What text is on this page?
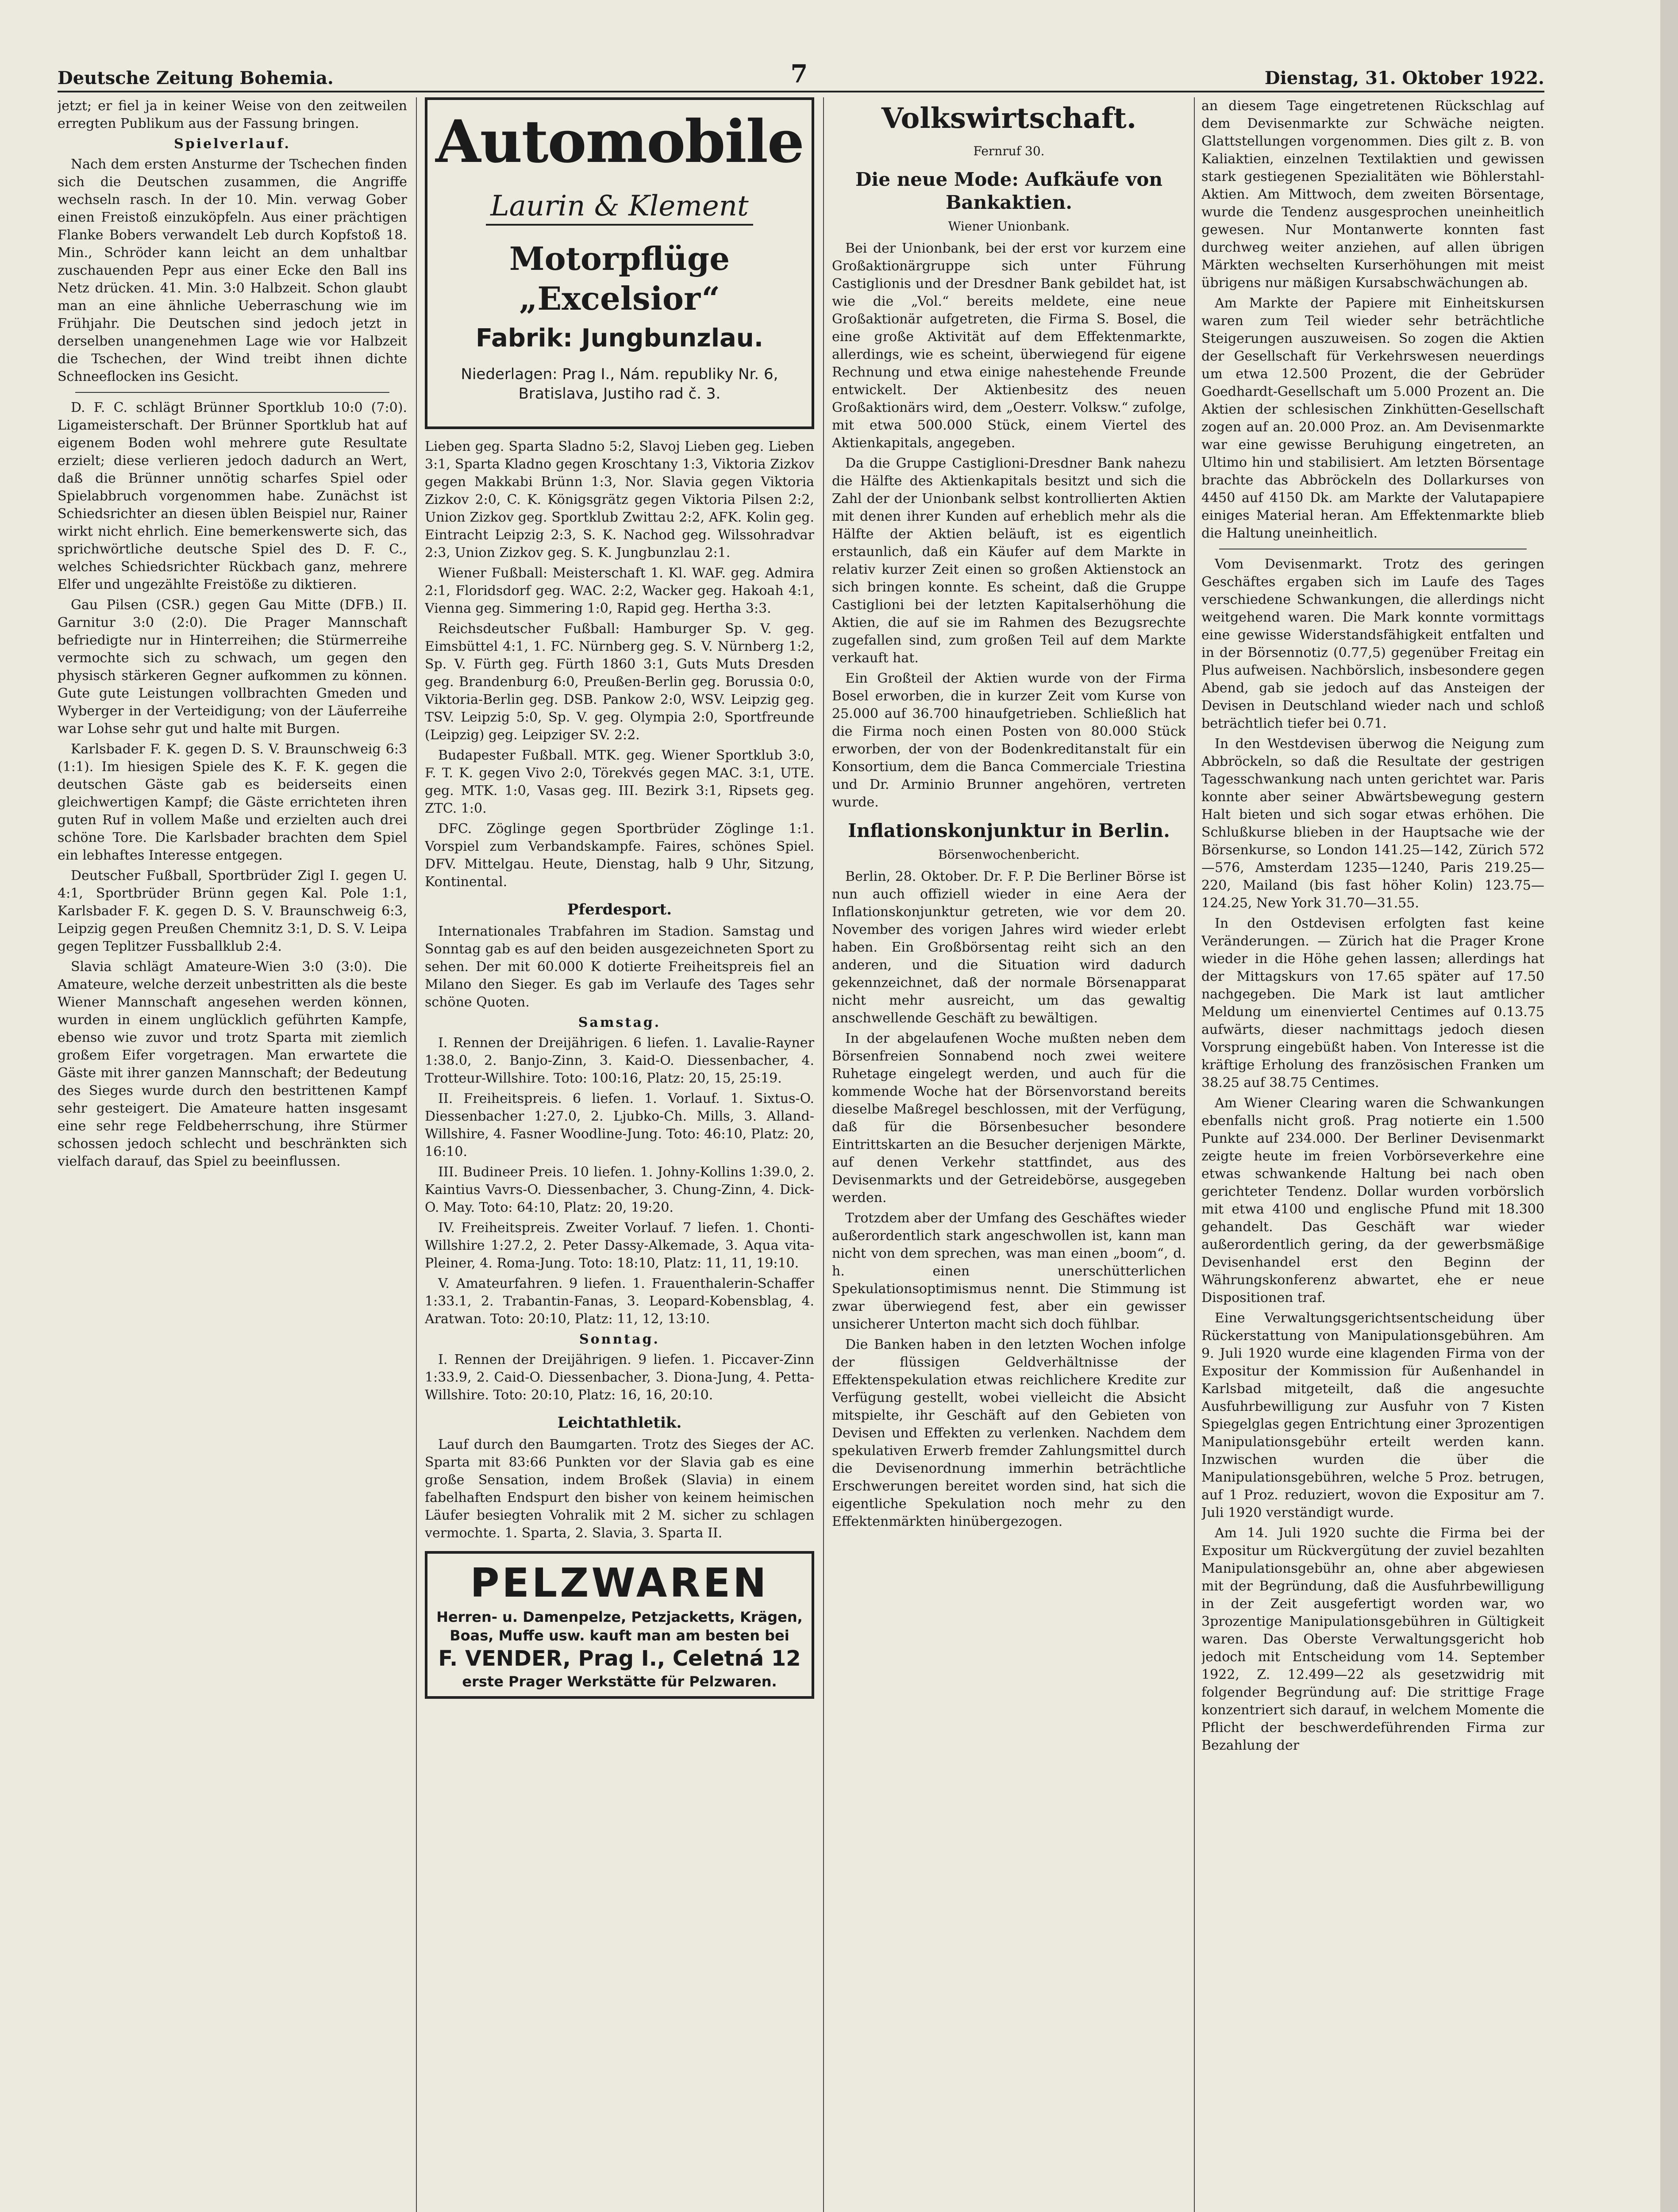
Deutsche Zeitung Bohemia.	7	Dienstag, 31. Oktober 1922.

jetzt; er fiel ja in keiner Weise von den zeitweilen erregten Publikum aus der Fassung bringen.

Spielverlauf.

Nach dem ersten Ansturme der Tschechen finden sich die Deutschen zusammen, die Angriffe wechseln rasch. In der 10. Min. verwag Gober einen Freistoß einzuköpfeln. Aus einer prächtigen Flanke Bobers verwandelt Leb durch Kopfstoß 18. Min., Schröder kann leicht an dem unhaltbar zuschauenden Pepr aus einer Ecke den Ball ins Netz drücken. 41. Min. 3:0 Halbzeit. Schon glaubt man an eine ähnliche Ueberraschung wie im Frühjahr. Die Deutschen sind jedoch jetzt in derselben unangenehmen Lage wie vor Halbzeit die Tschechen, der Wind treibt ihnen dichte Schneeflocken ins Gesicht.

D. F. C. schlägt Brünner Sportklub 10:0 (7:0). Ligameisterschaft. Der Brünner Sportklub hat auf eigenem Boden wohl mehrere gute Resultate erzielt; diese verlieren jedoch dadurch an Wert, daß die Brünner unnötig scharfes Spiel oder Spielabbruch vorgenommen habe. Zunächst ist Schiedsrichter an diesen üblen Beispiel nur, Rainer wirkt nicht ehrlich. Eine bemerkenswerte sich, das sprichwörtliche deutsche Spiel des D. F. C., welches Schiedsrichter Rückbach ganz, mehrere Elfer und ungezählte Freistöße zu diktieren.

Gau Pilsen (CSR.) gegen Gau Mitte (DFB.) II. Garnitur 3:0 (2:0). Die Prager Mannschaft befriedigte nur in Hinterreihen; die Stürmerreihe vermochte sich zu schwach, um gegen den physisch stärkeren Gegner aufkommen zu können. Gute gute Leistungen vollbrachten Gmeden und Wyberger in der Verteidigung; von der Läuferreihe war Lohse sehr gut und halte mit Burgen.

Karlsbader F. K. gegen D. S. V. Braunschweig 6:3 (1:1). Im hiesigen Spiele des K. F. K. gegen die deutschen Gäste gab es beiderseits einen gleichwertigen Kampf; die Gäste errichteten ihren guten Ruf in vollem Maße und erzielten auch drei schöne Tore. Die Karlsbader brachten dem Spiel ein lebhaftes Interesse entgegen.

Deutscher Fußball, Sportbrüder Zigl I. gegen U. 4:1, Sportbrüder Brünn gegen Kal. Pole 1:1, Karlsbader F. K. gegen D. S. V. Braunschweig 6:3, Leipzig gegen Preußen Chemnitz 3:1, D. S. V. Leipa gegen Teplitzer Fussballklub 2:4.

Slavia schlägt Amateure-Wien 3:0 (3:0). Die Amateure, welche derzeit unbestritten als die beste Wiener Mannschaft angesehen werden können, wurden in einem unglücklich geführten Kampfe, ebenso wie zuvor und trotz Sparta mit ziemlich großem Eifer vorgetragen. Man erwartete die Gäste mit ihrer ganzen Mannschaft; der Bedeutung des Sieges wurde durch den bestrittenen Kampf sehr gesteigert. Die Amateure hatten insgesamt eine sehr rege Feldbeherrschung, ihre Stürmer schossen jedoch schlecht und beschränkten sich vielfach darauf, das Spiel zu beeinflussen.

Automobile
Laurin & Klement
Motorpflüge „Excelsior“
Fabrik: Jungbunzlau.
Niederlagen: Prag I., Nám. republiky Nr. 6, Bratislava, Justiho rad č. 3.

Lieben geg. Sparta Sladno 5:2, Slavoj Lieben geg. Lieben 3:1, Sparta Kladno gegen Kroschtany 1:3, Viktoria Zizkov gegen Makkabi Brünn 1:3, Nor. Slavia gegen Viktoria Zizkov 2:0, C. K. Königsgrätz gegen Viktoria Pilsen 2:2, Union Zizkov geg. Sportklub Zwittau 2:2, AFK. Kolin geg. Eintracht Leipzig 2:3, S. K. Nachod geg. Wilssohradvar 2:3, Union Zizkov geg. S. K. Jungbunzlau 2:1.

Wiener Fußball: Meisterschaft 1. Kl. WAF. geg. Admira 2:1, Floridsdorf geg. WAC. 2:2, Wacker geg. Hakoah 4:1, Vienna geg. Simmering 1:0, Rapid geg. Hertha 3:3.

Reichsdeutscher Fußball: Hamburger Sp. V. geg. Eimsbüttel 4:1, 1. FC. Nürnberg geg. S. V. Nürnberg 1:2, Sp. V. Fürth geg. Fürth 1860 3:1, Guts Muts Dresden geg. Brandenburg 6:0, Preußen-Berlin geg. Borussia 0:0, Viktoria-Berlin geg. DSB. Pankow 2:0, WSV. Leipzig geg. TSV. Leipzig 5:0, Sp. V. geg. Olympia 2:0, Sportfreunde (Leipzig) geg. Leipziger SV. 2:2.

Budapester Fußball. MTK. geg. Wiener Sportklub 3:0, F. T. K. gegen Vivo 2:0, Törekvés gegen MAC. 3:1, UTE. geg. MTK. 1:0, Vasas geg. III. Bezirk 3:1, Ripsets geg. ZTC. 1:0.

DFC. Zöglinge gegen Sportbrüder Zöglinge 1:1. Vorspiel zum Verbandskampfe. Faires, schönes Spiel. DFV. Mittelgau. Heute, Dienstag, halb 9 Uhr, Sitzung, Kontinental.

Pferdesport.

Internationales Trabfahren im Stadion. Samstag und Sonntag gab es auf den beiden ausgezeichneten Sport zu sehen. Der mit 60.000 K dotierte Freiheitspreis fiel an Milano den Sieger. Es gab im Verlaufe des Tages sehr schöne Quoten.

Samstag.

I. Rennen der Dreijährigen. 6 liefen. 1. Lavalie-Rayner 1:38.0, 2. Banjo-Zinn, 3. Kaid-O. Diessenbacher, 4. Trotteur-Willshire. Toto: 100:16, Platz: 20, 15, 25:19.

II. Freiheitspreis. 6 liefen. 1. Vorlauf. 1. Sixtus-O. Diessenbacher 1:27.0, 2. Ljubko-Ch. Mills, 3. Alland-Willshire, 4. Fasner Woodline-Jung. Toto: 46:10, Platz: 20, 16:10.

III. Budineer Preis. 10 liefen. 1. Johny-Kollins 1:39.0, 2. Kaintius Vavrs-O. Diessenbacher, 3. Chung-Zinn, 4. Dick-O. May. Toto: 64:10, Platz: 20, 19:20.

IV. Freiheitspreis. Zweiter Vorlauf. 7 liefen. 1. Chonti-Willshire 1:27.2, 2. Peter Dassy-Alkemade, 3. Aqua vita-Pleiner, 4. Roma-Jung. Toto: 18:10, Platz: 11, 11, 19:10.

V. Amateurfahren. 9 liefen. 1. Frauenthalerin-Schaffer 1:33.1, 2. Trabantin-Fanas, 3. Leopard-Kobensblag, 4. Aratwan. Toto: 20:10, Platz: 11, 12, 13:10.

Sonntag.

I. Rennen der Dreijährigen. 9 liefen. 1. Piccaver-Zinn 1:33.9, 2. Caid-O. Diessenbacher, 3. Diona-Jung, 4. Petta-Willshire. Toto: 20:10, Platz: 16, 16, 20:10.

Leichtathletik.

Lauf durch den Baumgarten. Trotz des Sieges der AC. Sparta mit 83:66 Punkten vor der Slavia gab es eine große Sensation, indem Broßek (Slavia) in einem fabelhaften Endspurt den bisher von keinem heimischen Läufer besiegten Vohralik mit 2 M. sicher zu schlagen vermochte. 1. Sparta, 2. Slavia, 3. Sparta II.

PELZWAREN
Herren- u. Damenpelze, Petzjacketts, Krägen, Boas, Muffe usw. kauft man am besten bei
F. VENDER, Prag I., Celetná 12
erste Prager Werkstätte für Pelzwaren.
Volkswirtschaft.

Fernruf 30.

Die neue Mode: Aufkäufe von Bankaktien.

Wiener Unionbank.

Bei der Unionbank, bei der erst vor kurzem eine Großaktionärgruppe sich unter Führung Castiglionis und der Dresdner Bank gebildet hat, ist wie die „Vol.“ bereits meldete, eine neue Großaktionär aufgetreten, die Firma S. Bosel, die eine große Aktivität auf dem Effektenmarkte, allerdings, wie es scheint, überwiegend für eigene Rechnung und etwa einige nahestehende Freunde entwickelt. Der Aktienbesitz des neuen Großaktionärs wird, dem „Oesterr. Volksw.“ zufolge, mit etwa 500.000 Stück, einem Viertel des Aktienkapitals, angegeben.

Da die Gruppe Castiglioni-Dresdner Bank nahezu die Hälfte des Aktienkapitals besitzt und sich die Zahl der der Unionbank selbst kontrollierten Aktien mit denen ihrer Kunden auf erheblich mehr als die Hälfte der Aktien beläuft, ist es eigentlich erstaunlich, daß ein Käufer auf dem Markte in relativ kurzer Zeit einen so großen Aktienstock an sich bringen konnte. Es scheint, daß die Gruppe Castiglioni bei der letzten Kapitalserhöhung die Aktien, die auf sie im Rahmen des Bezugsrechte zugefallen sind, zum großen Teil auf dem Markte verkauft hat.

Ein Großteil der Aktien wurde von der Firma Bosel erworben, die in kurzer Zeit vom Kurse von 25.000 auf 36.700 hinaufgetrieben. Schließlich hat die Firma noch einen Posten von 80.000 Stück erworben, der von der Bodenkreditanstalt für ein Konsortium, dem die Banca Commerciale Triestina und Dr. Arminio Brunner angehören, vertreten wurde.

Inflationskonjunktur in Berlin.

Börsenwochenbericht.

Berlin, 28. Oktober. Dr. F. P. Die Berliner Börse ist nun auch offiziell wieder in eine Aera der Inflationskonjunktur getreten, wie vor dem 20. November des vorigen Jahres wird wieder erlebt haben. Ein Großbörsentag reiht sich an den anderen, und die Situation wird dadurch gekennzeichnet, daß der normale Börsenapparat nicht mehr ausreicht, um das gewaltig anschwellende Geschäft zu bewältigen.

In der abgelaufenen Woche mußten neben dem Börsenfreien Sonnabend noch zwei weitere Ruhetage eingelegt werden, und auch für die kommende Woche hat der Börsenvorstand bereits dieselbe Maßregel beschlossen, mit der Verfügung, daß für die Börsenbesucher besondere Eintrittskarten an die Besucher derjenigen Märkte, auf denen Verkehr stattfindet, aus des Devisenmarkts und der Getreidebörse, ausgegeben werden.

Trotzdem aber der Umfang des Geschäftes wieder außerordentlich stark angeschwollen ist, kann man nicht von dem sprechen, was man einen „boom“, d. h. einen unerschütterlichen Spekulationsoptimismus nennt. Die Stimmung ist zwar überwiegend fest, aber ein gewisser unsicherer Unterton macht sich doch fühlbar.

Die Banken haben in den letzten Wochen infolge der flüssigen Geldverhältnisse der Effektenspekulation etwas reichlichere Kredite zur Verfügung gestellt, wobei vielleicht die Absicht mitspielte, ihr Geschäft auf den Gebieten von Devisen und Effekten zu verlenken. Nachdem dem spekulativen Erwerb fremder Zahlungsmittel durch die Devisenordnung immerhin beträchtliche Erschwerungen bereitet worden sind, hat sich die eigentliche Spekulation noch mehr zu den Effektenmärkten hinübergezogen.

an diesem Tage eingetretenen Rückschlag auf dem Devisenmarkte zur Schwäche neigten. Glattstellungen vorgenommen. Dies gilt z. B. von Kaliaktien, einzelnen Textilaktien und gewissen stark gestiegenen Spezialitäten wie Böhlerstahl-Aktien. Am Mittwoch, dem zweiten Börsentage, wurde die Tendenz ausgesprochen uneinheitlich gewesen. Nur Montanwerte konnten fast durchweg weiter anziehen, auf allen übrigen Märkten wechselten Kurserhöhungen mit meist übrigens nur mäßigen Kursabschwächungen ab.

Am Markte der Papiere mit Einheitskursen waren zum Teil wieder sehr beträchtliche Steigerungen auszuweisen. So zogen die Aktien der Gesellschaft für Verkehrswesen neuerdings um etwa 12.500 Prozent, die der Gebrüder Goedhardt-Gesellschaft um 5.000 Prozent an. Die Aktien der schlesischen Zinkhütten-Gesellschaft zogen auf an. 20.000 Proz. an. Am Devisenmarkte war eine gewisse Beruhigung eingetreten, an Ultimo hin und stabilisiert. Am letzten Börsentage brachte das Abbröckeln des Dollarkurses von 4450 auf 4150 Dk. am Markte der Valutapapiere einiges Material heran. Am Effektenmarkte blieb die Haltung uneinheitlich.

Vom Devisenmarkt. Trotz des geringen Geschäftes ergaben sich im Laufe des Tages verschiedene Schwankungen, die allerdings nicht weitgehend waren. Die Mark konnte vormittags eine gewisse Widerstandsfähigkeit entfalten und in der Börsennotiz (0.77,5) gegenüber Freitag ein Plus aufweisen. Nachbörslich, insbesondere gegen Abend, gab sie jedoch auf das Ansteigen der Devisen in Deutschland wieder nach und schloß beträchtlich tiefer bei 0.71.

In den Westdevisen überwog die Neigung zum Abbröckeln, so daß die Resultate der gestrigen Tagesschwankung nach unten gerichtet war. Paris konnte aber seiner Abwärtsbewegung gestern Halt bieten und sich sogar etwas erhöhen. Die Schlußkurse blieben in der Hauptsache wie der Börsenkurse, so London 141.25—142, Zürich 572—576, Amsterdam 1235—1240, Paris 219.25—220, Mailand (bis fast höher Kolin) 123.75—124.25, New York 31.70—31.55.

In den Ostdevisen erfolgten fast keine Veränderungen. — Zürich hat die Prager Krone wieder in die Höhe gehen lassen; allerdings hat der Mittagskurs von 17.65 später auf 17.50 nachgegeben. Die Mark ist laut amtlicher Meldung um einenviertel Centimes auf 0.13.75 aufwärts, dieser nachmittags jedoch diesen Vorsprung eingebüßt haben. Von Interesse ist die kräftige Erholung des französischen Franken um 38.25 auf 38.75 Centimes.

Am Wiener Clearing waren die Schwankungen ebenfalls nicht groß. Prag notierte ein 1.500 Punkte auf 234.000. Der Berliner Devisenmarkt zeigte heute im freien Vorbörseverkehre eine etwas schwankende Haltung bei nach oben gerichteter Tendenz. Dollar wurden vorbörslich mit etwa 4100 und englische Pfund mit 18.300 gehandelt. Das Geschäft war wieder außerordentlich gering, da der gewerbsmäßige Devisenhandel erst den Beginn der Währungskonferenz abwartet, ehe er neue Dispositionen traf.

Eine Verwaltungsgerichtsentscheidung über Rückerstattung von Manipulationsgebühren. Am 9. Juli 1920 wurde eine klagenden Firma von der Expositur der Kommission für Außenhandel in Karlsbad mitgeteilt, daß die angesuchte Ausfuhrbewilligung zur Ausfuhr von 7 Kisten Spiegelglas gegen Entrichtung einer 3prozentigen Manipulationsgebühr erteilt werden kann. Inzwischen wurden die über die Manipulationsgebühren, welche 5 Proz. betrugen, auf 1 Proz. reduziert, wovon die Expositur am 7. Juli 1920 verständigt wurde.

Am 14. Juli 1920 suchte die Firma bei der Expositur um Rückvergütung der zuviel bezahlten Manipulationsgebühr an, ohne aber abgewiesen mit der Begründung, daß die Ausfuhrbewilligung in der Zeit ausgefertigt worden war, wo 3prozentige Manipulationsgebühren in Gültigkeit waren. Das Oberste Verwaltungsgericht hob jedoch mit Entscheidung vom 14. September 1922, Z. 12.499—22 als gesetzwidrig mit folgender Begründung auf: Die strittige Frage konzentriert sich darauf, in welchem Momente die Pflicht der beschwerdeführenden Firma zur Bezahlung der
